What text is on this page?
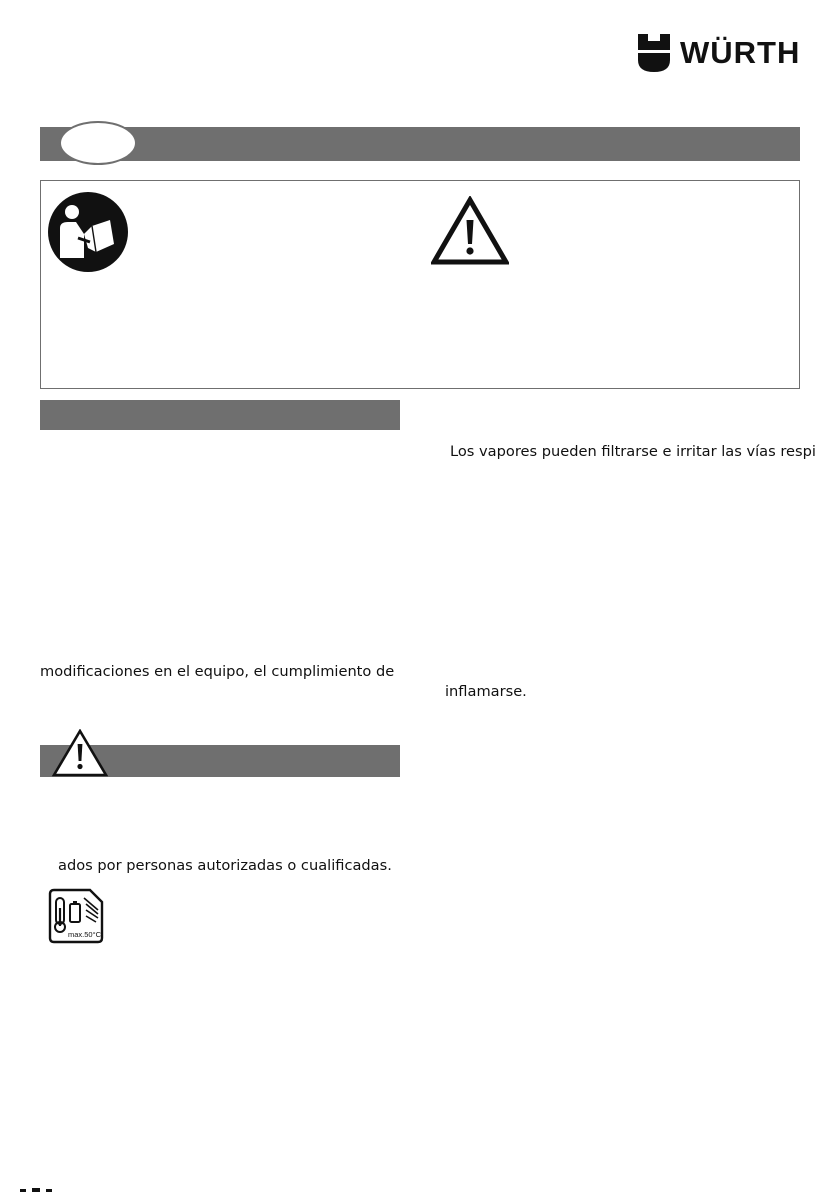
WÜRTH
Los vapores pueden filtrarse e irritar las vías respi
modificaciones en el equipo, el cumplimiento de
inflamarse.
ados por personas autorizadas o cualificadas.
max.50°C
